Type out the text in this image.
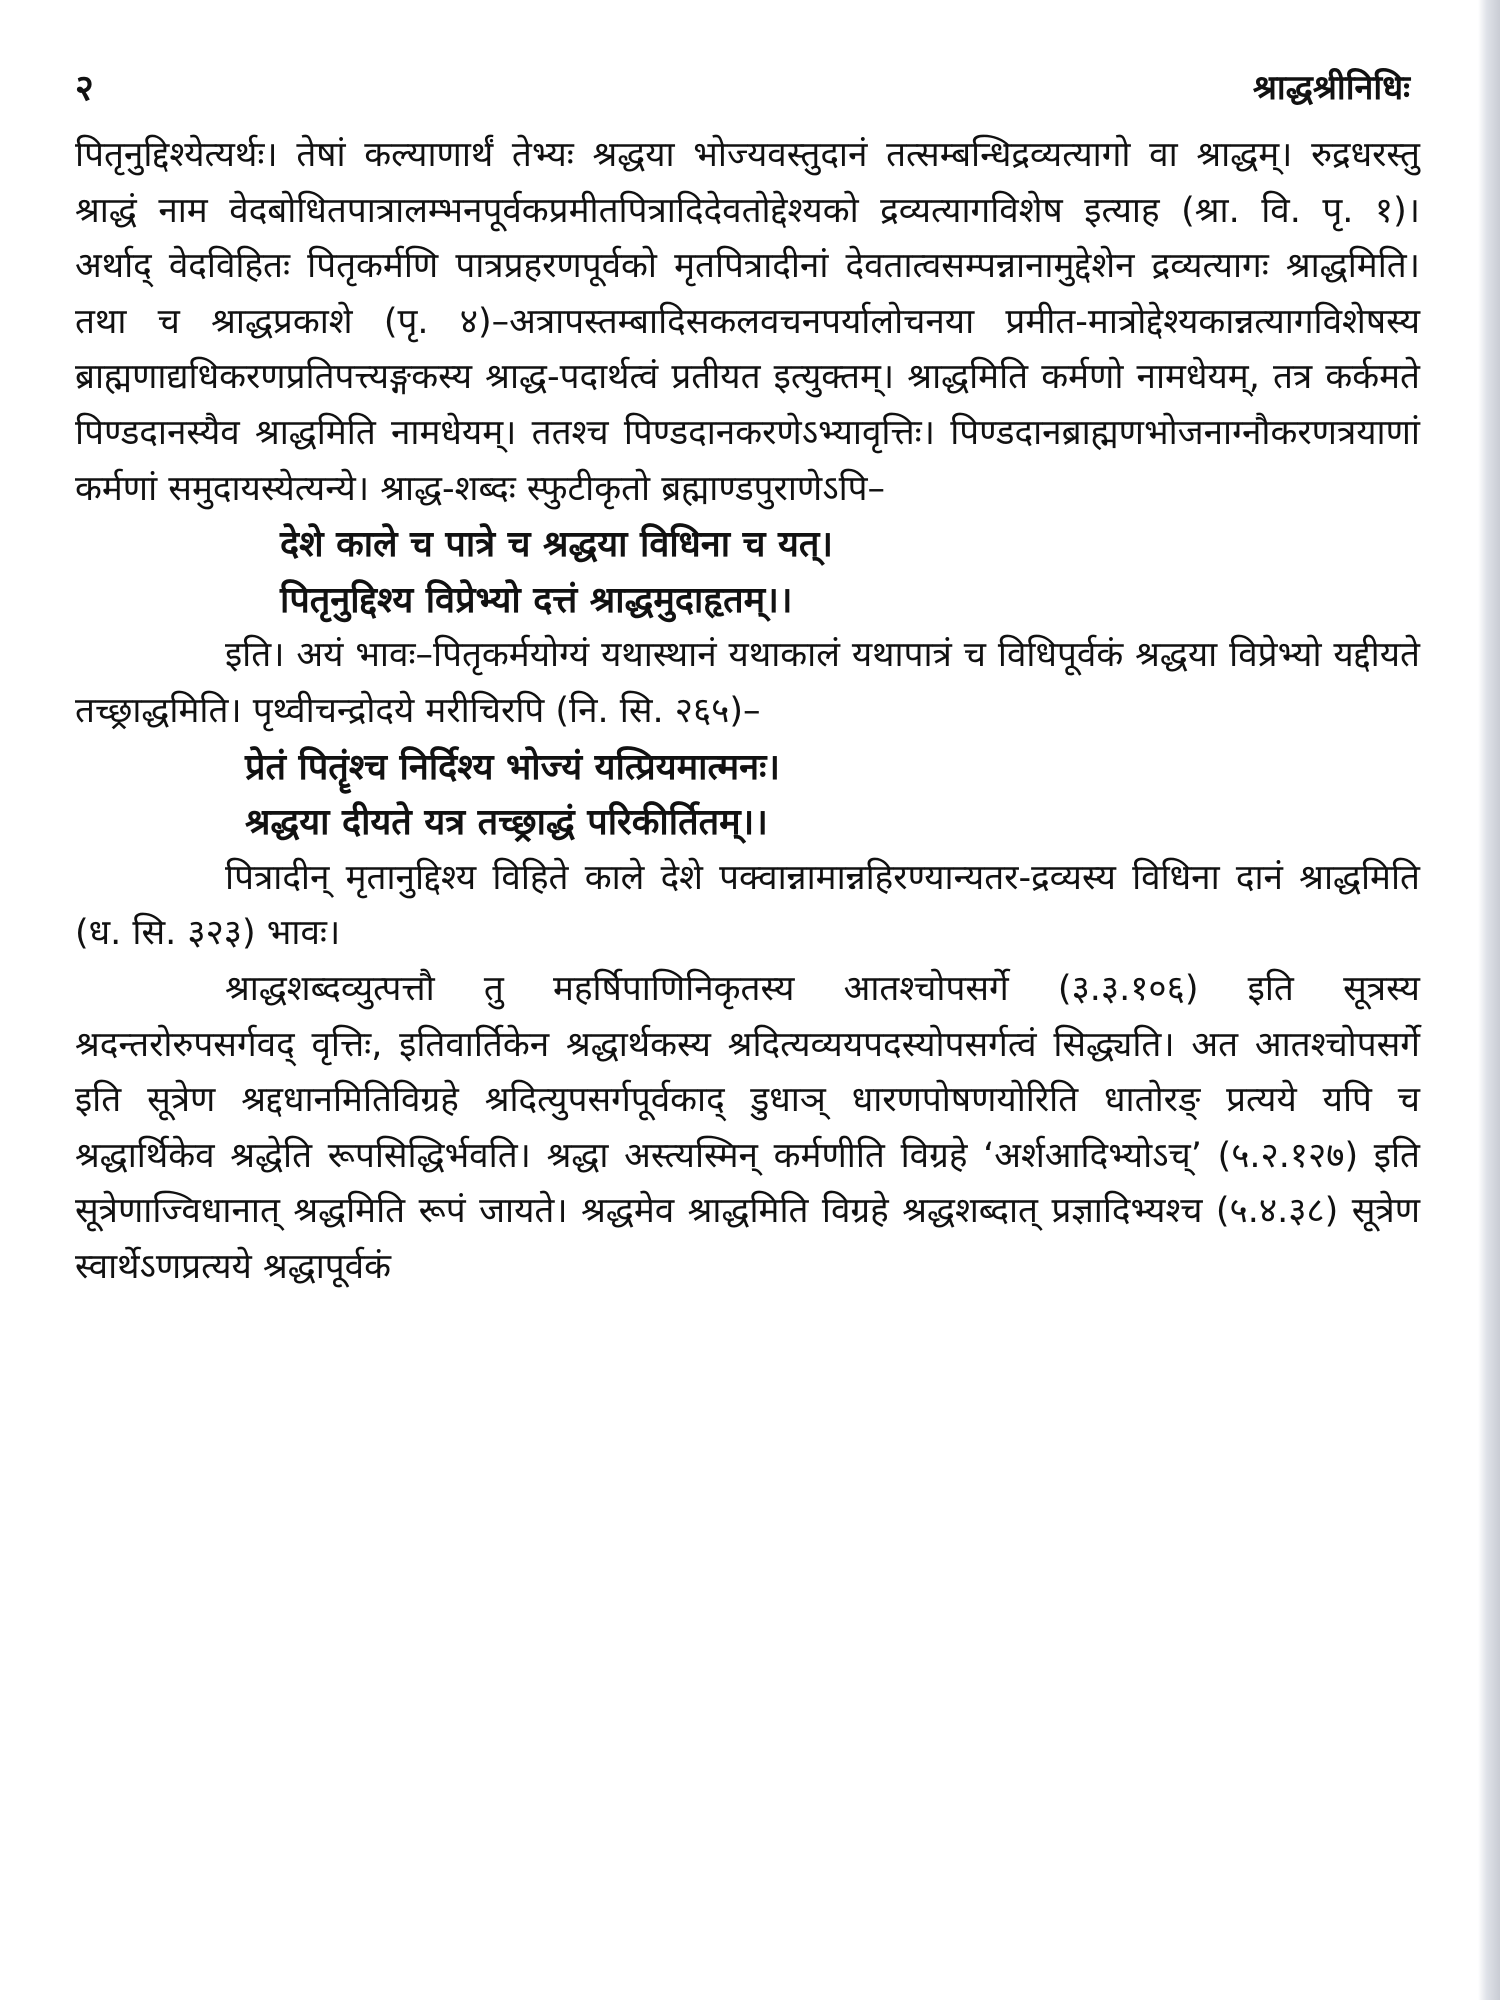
२	श्राद्धश्रीनिधिः

पितृनुद्दिश्येत्यर्थः। तेषां कल्याणार्थं तेभ्यः श्रद्धया भोज्यवस्तुदानं तत्सम्बन्धिद्रव्यत्यागो वा श्राद्धम्। रुद्रधरस्तु श्राद्धं नाम वेदबोधितपात्रालम्भनपूर्वकप्रमीतपित्रादिदेवतोद्देश्यको द्रव्यत्यागविशेष इत्याह (श्रा. वि. पृ. १)। अर्थाद् वेदविहितः पितृकर्मणि पात्रप्रहरणपूर्वको मृतपित्रादीनां देवतात्वसम्पन्नानामुद्देशेन द्रव्यत्यागः श्राद्धमिति। तथा च श्राद्धप्रकाशे (पृ. ४)–अत्रापस्तम्बादिसकलवचनपर्यालोचनया प्रमीत-मात्रोद्देश्यकान्नत्यागविशेषस्य ब्राह्मणाद्यधिकरणप्रतिपत्त्यङ्गकस्य श्राद्ध-पदार्थत्वं प्रतीयत इत्युक्तम्। श्राद्धमिति कर्मणो नामधेयम्, तत्र कर्कमते पिण्डदानस्यैव श्राद्धमिति नामधेयम्। ततश्च पिण्डदानकरणेऽभ्यावृत्तिः। पिण्डदानब्राह्मणभोजनाग्नौकरणत्रयाणां कर्मणां समुदायस्येत्यन्ये। श्राद्ध-शब्दः स्फुटीकृतो ब्रह्माण्डपुराणेऽपि–

देशे काले च पात्रे च श्रद्धया विधिना च यत्।
पितृनुद्दिश्य विप्रेभ्यो दत्तं श्राद्धमुदाहृतम्।।

इति। अयं भावः–पितृकर्मयोग्यं यथास्थानं यथाकालं यथापात्रं च विधिपूर्वकं श्रद्धया विप्रेभ्यो यद्दीयते तच्छ्राद्धमिति। पृथ्वीचन्द्रोदये मरीचिरपि (नि. सि. २६५)–

प्रेतं पितॄंश्च निर्दिश्य भोज्यं यत्प्रियमात्मनः।
श्रद्धया दीयते यत्र तच्छ्राद्धं परिकीर्तितम्।।

पित्रादीन् मृतानुद्दिश्य विहिते काले देशे पक्वान्नामान्नहिरण्यान्यतर-द्रव्यस्य विधिना दानं श्राद्धमिति (ध. सि. ३२३) भावः।

श्राद्धशब्दव्युत्पत्तौ तु महर्षिपाणिनिकृतस्य आतश्चोपसर्गे (३.३.१०६) इति सूत्रस्य श्रदन्तरोरुपसर्गवद् वृत्तिः, इतिवार्तिकेन श्रद्धार्थकस्य श्रदित्यव्ययपदस्योपसर्गत्वं सिद्ध्यति। अत आतश्चोपसर्गे इति सूत्रेण श्रद्दधानमितिविग्रहे श्रदित्युपसर्गपूर्वकाद् डुधाञ् धारणपोषणयोरिति धातोरङ् प्रत्यये यपि च श्रद्धार्थिकेव श्रद्धेति रूपसिद्धिर्भवति। श्रद्धा अस्त्यस्मिन् कर्मणीति विग्रहे ‘अर्शआदिभ्योऽच्’ (५.२.१२७) इति सूत्रेणाज्विधानात् श्रद्धमिति रूपं जायते। श्रद्धमेव श्राद्धमिति विग्रहे श्रद्धशब्दात् प्रज्ञादिभ्यश्च (५.४.३८) सूत्रेण स्वार्थेऽणप्रत्यये श्रद्धापूर्वकं
